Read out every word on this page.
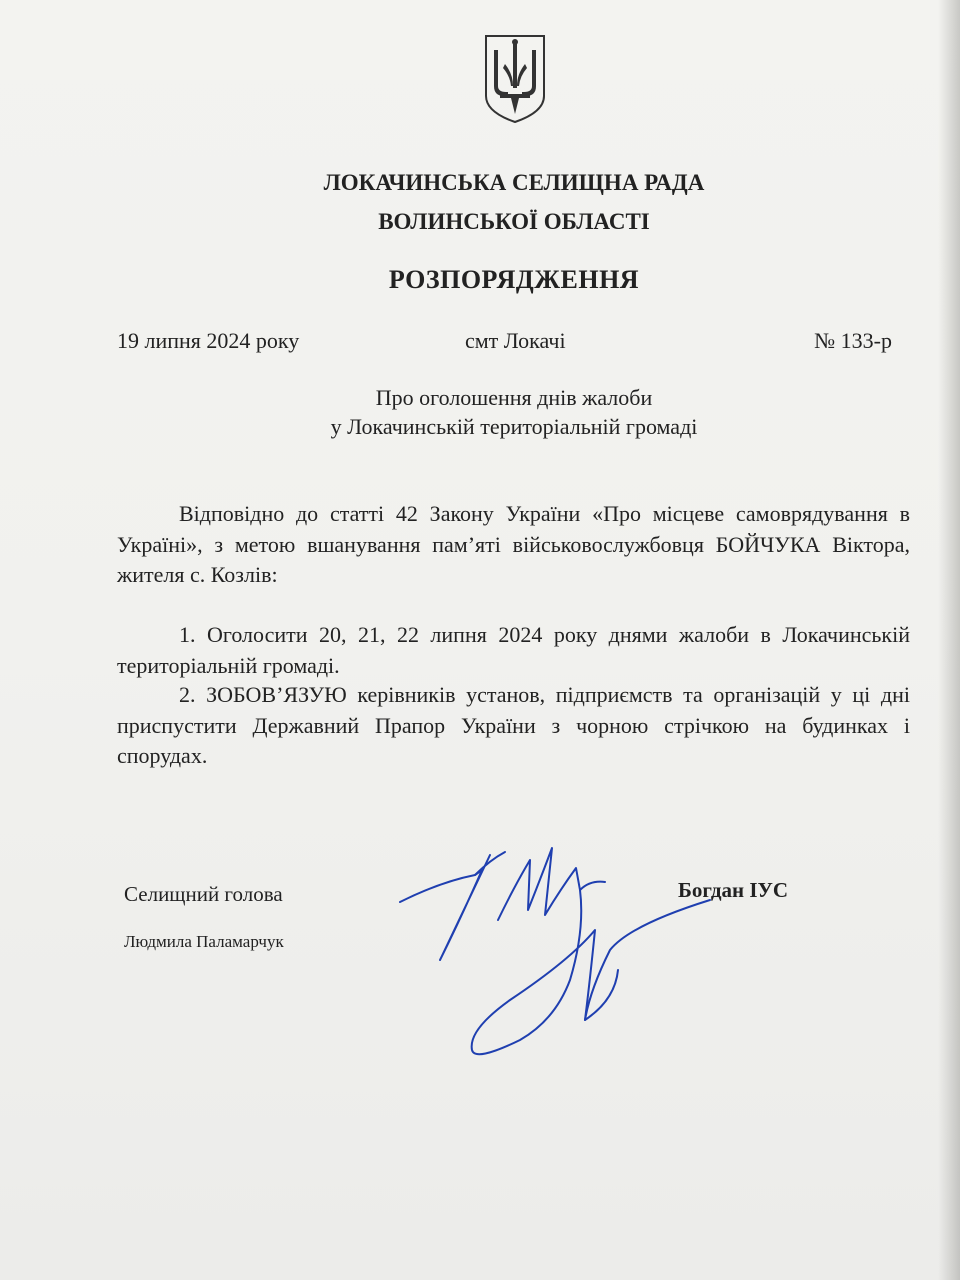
ЛОКАЧИНСЬКА СЕЛИЩНА РАДА
ВОЛИНСЬКОЇ ОБЛАСТІ
РОЗПОРЯДЖЕННЯ
19 липня 2024 року	смт Локачі	№ 133-р
Про оголошення днів жалоби
у Локачинській територіальній громаді
Відповідно до статті 42 Закону України «Про місцеве самоврядування в Україні», з метою вшанування пам’яті військовослужбовця БОЙЧУКА Віктора, жителя с. Козлів:
1. Оголосити 20, 21, 22 липня 2024 року днями жалоби в Локачинській територіальній громаді.
2. ЗОБОВ’ЯЗУЮ керівників установ, підприємств та організацій у ці дні приспустити Державний Прапор України з чорною стрічкою на будинках і спорудах.
Селищний голова	Богдан ІУС
Людмила Паламарчук
